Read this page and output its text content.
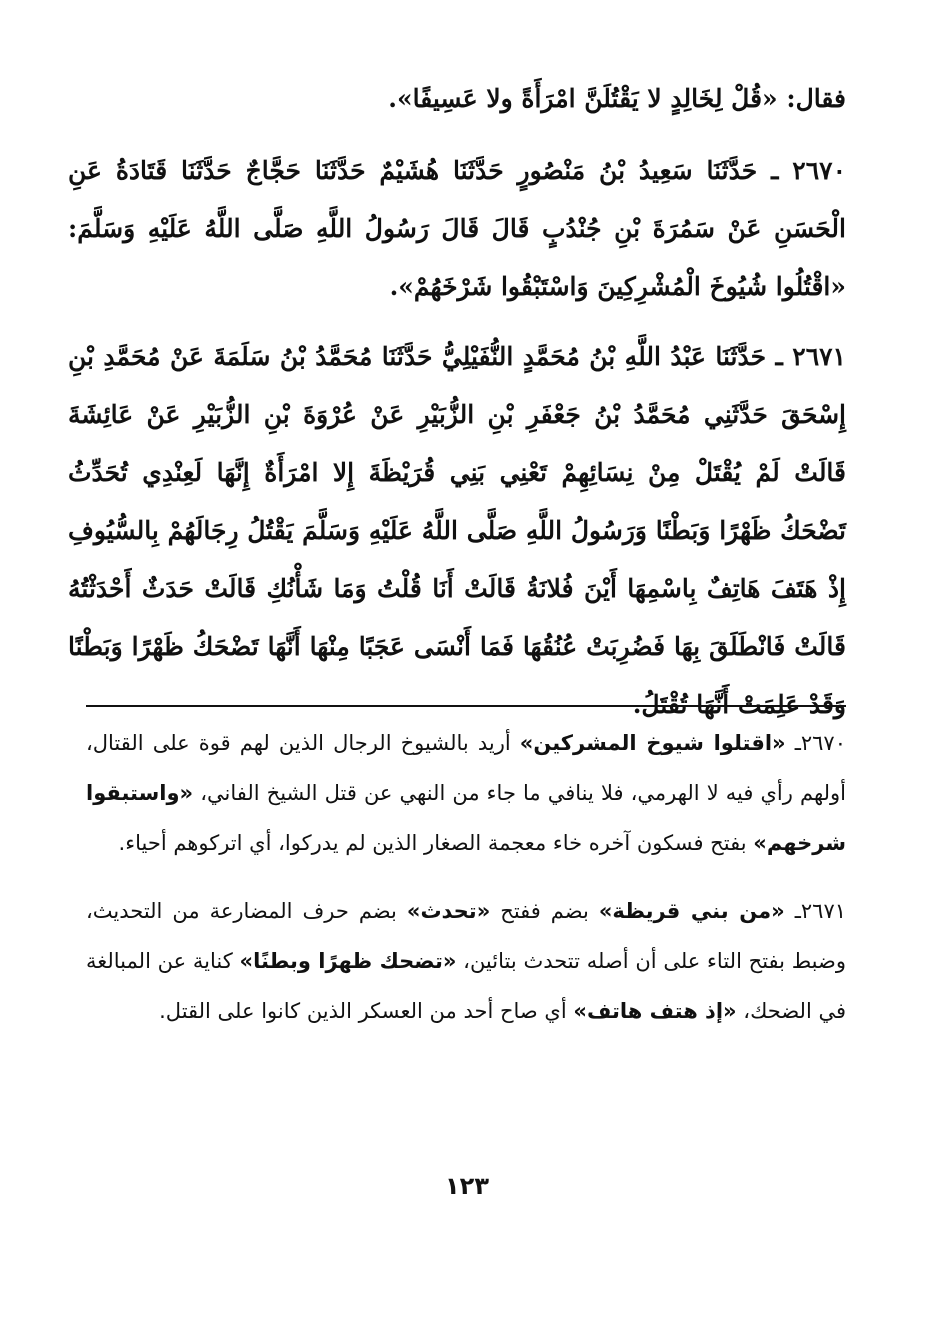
فقال: «قُلْ لِخَالِدٍ لا يَقْتُلَنَّ امْرَأَةً ولا عَسِيفًا».

٢٦٧٠ ـ حَدَّثَنَا سَعِيدُ بْنُ مَنْصُورٍ حَدَّثَنَا هُشَيْمٌ حَدَّثَنَا حَجَّاجٌ حَدَّثَنَا قَتَادَةُ عَنِ الْحَسَنِ عَنْ سَمُرَةَ بْنِ جُنْدُبٍ قَالَ قَالَ رَسُولُ اللَّهِ صَلَّى اللَّهُ عَلَيْهِ وَسَلَّمَ: «اقْتُلُوا شُيُوخَ الْمُشْرِكِينَ وَاسْتَبْقُوا شَرْخَهُمْ».

٢٦٧١ ـ حَدَّثَنَا عَبْدُ اللَّهِ بْنُ مُحَمَّدٍ النُّفَيْلِيُّ حَدَّثَنَا مُحَمَّدُ بْنُ سَلَمَةَ عَنْ مُحَمَّدِ بْنِ إِسْحَقَ حَدَّثَنِي مُحَمَّدُ بْنُ جَعْفَرِ بْنِ الزُّبَيْرِ عَنْ عُرْوَةَ بْنِ الزُّبَيْرِ عَنْ عَائِشَةَ قَالَتْ لَمْ يُقْتَلْ مِنْ نِسَائِهِمْ تَعْنِي بَنِي قُرَيْظَةَ إِلا امْرَأَةٌ إِنَّهَا لَعِنْدِي تُحَدِّثُ تَضْحَكُ ظَهْرًا وَبَطْنًا وَرَسُولُ اللَّهِ صَلَّى اللَّهُ عَلَيْهِ وَسَلَّمَ يَقْتُلُ رِجَالَهُمْ بِالسُّيُوفِ إِذْ هَتَفَ هَاتِفٌ بِاسْمِهَا أَيْنَ فُلانَةُ قَالَتْ أَنَا قُلْتُ وَمَا شَأْنُكِ قَالَتْ حَدَثٌ أَحْدَثْتُهُ قَالَتْ فَانْطَلَقَ بِهَا فَضُرِبَتْ عُنُقُهَا فَمَا أَنْسَى عَجَبًا مِنْهَا أَنَّهَا تَضْحَكُ ظَهْرًا وَبَطْنًا وَقَدْ عَلِمَتْ أَنَّهَا تُقْتَلُ.

٢٦٧٠ـ «اقتلوا شيوخ المشركين» أريد بالشيوخ الرجال الذين لهم قوة على القتال، أولهم رأي فيه لا الهرمي، فلا ينافي ما جاء من النهي عن قتل الشيخ الفاني، «واستبقوا شرخهم» بفتح فسكون آخره خاء معجمة الصغار الذين لم يدركوا، أي اتركوهم أحياء.

٢٦٧١ـ «من بني قريظة» بضم ففتح «تحدث» بضم حرف المضارعة من التحديث، وضبط بفتح التاء على أن أصله تتحدث بتائين، «تضحك ظهرًا وبطنًا» كناية عن المبالغة في الضحك، «إذ هتف هاتف» أي صاح أحد من العسكر الذين كانوا على القتل.

١٢٣
